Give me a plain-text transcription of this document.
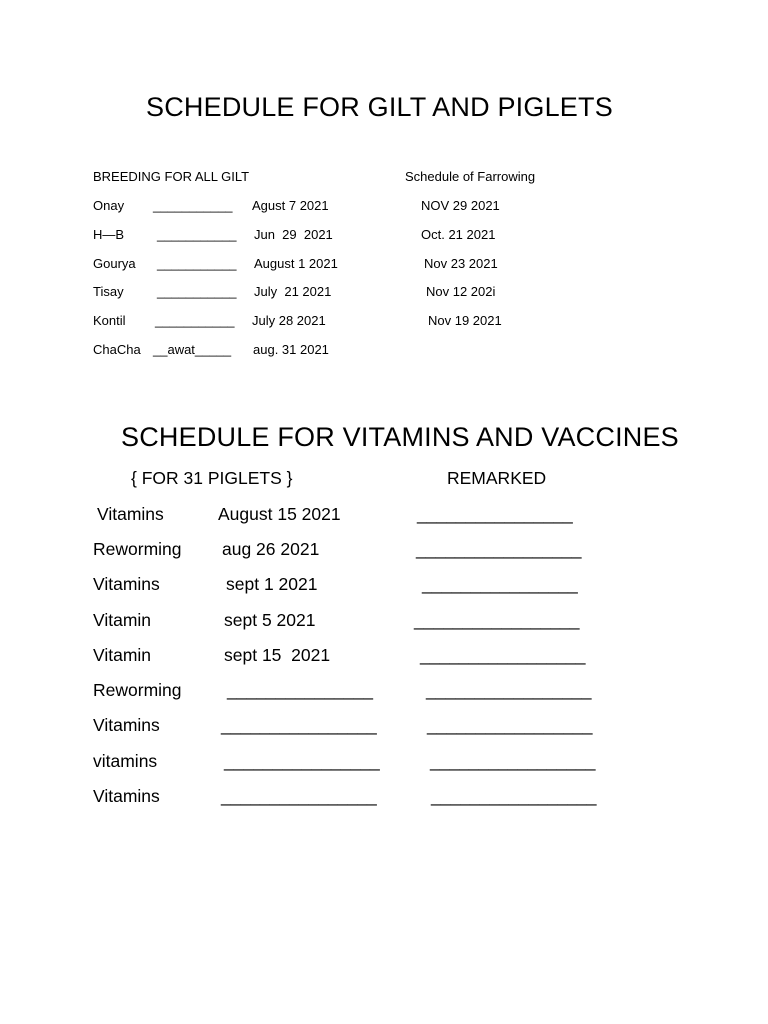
SCHEDULE FOR GILT AND PIGLETS
BREEDING FOR ALL GILT	Schedule of Farrowing
Onay ___________ Agust 7 2021	NOV 29 2021
H—B	___________ Jun  29  2021	Oct. 21 2021
Gourya ___________ August 1 2021	Nov 23 2021
Tisay	___________ July  21 2021	Nov 12 202i
Kontil ___________ July 28 2021	Nov 19 2021
ChaCha __awat_____ aug. 31 2021
SCHEDULE FOR VITAMINS AND VACCINES
{ FOR 31 PIGLETS }	REMARKED
Vitamins	August 15 2021	________________
Reworming aug 26 2021	_________________
Vitamins	sept 1 2021	________________
Vitamin	sept 5 2021	_________________
Vitamin	sept 15  2021	_________________
Reworming	_______________	_________________
Vitamins	________________	_________________
vitamins	________________	_________________
Vitamins	________________	_________________
